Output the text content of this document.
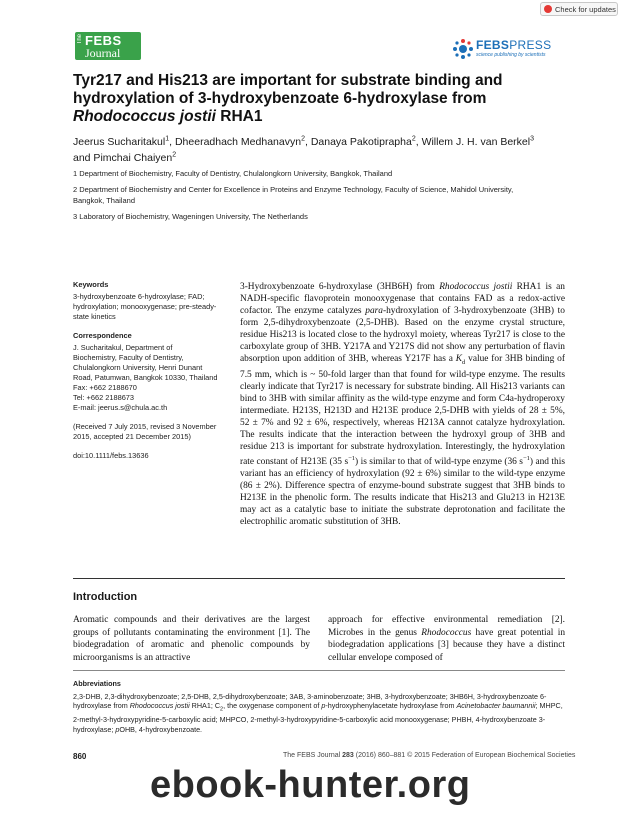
Check for updates
The FEBS
Journal
FEBSPRESS
science publishing by scientists
Tyr217 and His213 are important for substrate binding and
hydroxylation of 3-hydroxybenzoate 6-hydroxylase from
Rhodococcus jostii RHA1
Jeerus Sucharitakul$^1$, Dheeradhach Medhanavyn$^2$, Danaya Pakotiprapha$^2$, Willem J. H. van Berkel$^3$
and Pimchai Chaiyen$^2$
1 Department of Biochemistry, Faculty of Dentistry, Chulalongkorn University, Bangkok, Thailand
2 Department of Biochemistry and Center for Excellence in Proteins and Enzyme Technology, Faculty of Science, Mahidol University,
Bangkok, Thailand
3 Laboratory of Biochemistry, Wageningen University, The Netherlands
Keywords
3-hydroxybenzoate 6-hydroxylase; FAD;
hydroxylation; monooxygenase; pre-steady-
state kinetics
Correspondence
J. Sucharitakul, Department of
Biochemistry, Faculty of Dentistry,
Chulalongkorn University, Henri Dunant
Road, Patumwan, Bangkok 10330, Thailand
Fax: +662 2188670
Tel: +662 2188673
E-mail: jeerus.s@chula.ac.th
(Received 7 July 2015, revised 3 November
2015, accepted 21 December 2015)
doi:10.1111/febs.13636
3-Hydroxybenzoate 6-hydroxylase (3HB6H) from Rhodococcus jostii RHA1 is an NADH-specific flavoprotein monooxygenase that contains FAD as a redox-active cofactor. The enzyme catalyzes para-hydroxylation of 3-hydroxybenzoate (3HB) to form 2,5-dihydroxybenzoate (2,5-DHB). Based on the enzyme crystal structure, residue His213 is located close to the hydroxyl moiety, whereas Tyr217 is close to the carboxylate group of 3HB. Y217A and Y217S did not show any perturbation of flavin absorption upon addition of 3HB, whereas Y217F has a $K_d$ value for 3HB binding of 7.5 mm, which is ~ 50-fold larger than that found for wild-type enzyme. The results clearly indicate that Tyr217 is necessary for substrate binding. All His213 variants can bind to 3HB with similar affinity as the wild-type enzyme and form C4a-hydroperoxy intermediate. H213S, H213D and H213E produce 2,5-DHB with yields of 28 ± 5%, 52 ± 7% and 92 ± 6%, respectively, whereas H213A cannot catalyze hydroxylation. The results indicate that the interaction between the hydroxyl group of 3HB and residue 213 is important for substrate hydroxylation. Interestingly, the hydroxylation rate constant of H213E (35 $s^{-1}$) is similar to that of wild-type enzyme (36 $s^{-1}$) and this variant has an efficiency of hydroxylation (92 ± 6%) similar to the wild-type enzyme (86 ± 2%). Difference spectra of enzyme-bound substrate suggest that 3HB binds to H213E in the phenolic form. The results indicate that His213 and Glu213 in H213E may act as a catalytic base to initiate the substrate deprotonation and facilitate the electrophilic aromatic substitution of 3HB.
Introduction
Aromatic compounds and their derivatives are the largest groups of pollutants contaminating the environment [1]. The biodegradation of aromatic and phenolic compounds by microorganisms is an attractive
approach for effective environmental remediation [2]. Microbes in the genus Rhodococcus have great potential in biodegradation applications [3] because they have a distinct cellular envelope composed of
Abbreviations
2,3-DHB, 2,3-dihydroxybenzoate; 2,5-DHB, 2,5-dihydroxybenzoate; 3AB, 3-aminobenzoate; 3HB, 3-hydroxybenzoate; 3HB6H, 3-hydroxybenzoate 6-hydroxylase from Rhodococcus jostii RHA1; $C_2$, the oxygenase component of p-hydroxyphenylacetate hydroxylase from Acinetobacter baumannii; MHPC, 2-methyl-3-hydroxypyridine-5-carboxylic acid; MHPCO, 2-methyl-3-hydroxypyridine-5-carboxylic acid monooxygenase; PHBH, 4-hydroxybenzoate 3-hydroxylase; pOHB, 4-hydroxybenzoate.
860	The FEBS Journal 283 (2016) 860–881 © 2015 Federation of European Biochemical Societies
ebook-hunter.org
